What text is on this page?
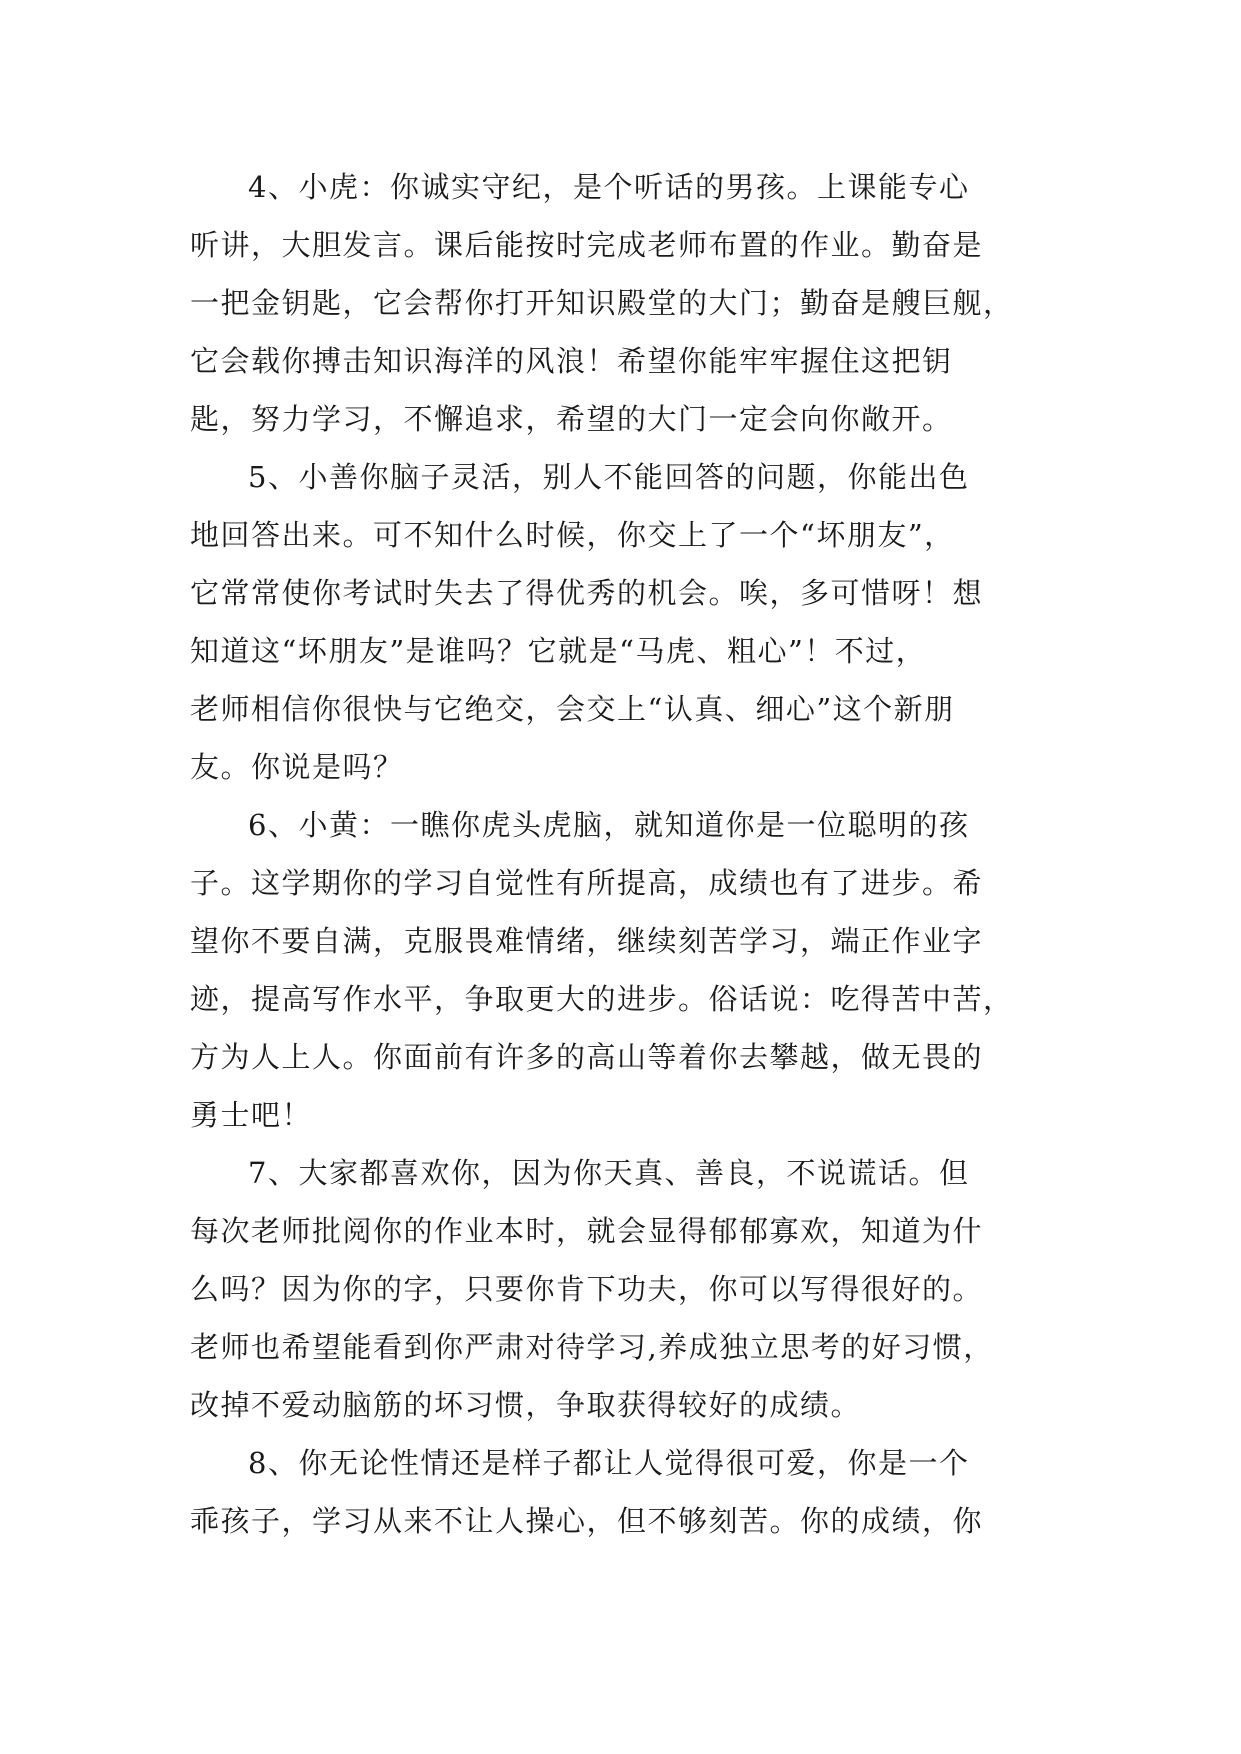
4、小虎：你诚实守纪，是个听话的男孩。上课能专心
听讲，大胆发言。课后能按时完成老师布置的作业。勤奋是
一把金钥匙，它会帮你打开知识殿堂的大门；勤奋是艘巨舰，
它会载你搏击知识海洋的风浪！希望你能牢牢握住这把钥
匙，努力学习，不懈追求，希望的大门一定会向你敞开。

5、小善你脑子灵活，别人不能回答的问题，你能出色
地回答出来。可不知什么时候，你交上了一个“坏朋友”，
它常常使你考试时失去了得优秀的机会。唉，多可惜呀！想
知道这“坏朋友”是谁吗？它就是“马虎、粗心”！不过，
老师相信你很快与它绝交，会交上“认真、细心”这个新朋
友。你说是吗？

6、小黄：一瞧你虎头虎脑，就知道你是一位聪明的孩
子。这学期你的学习自觉性有所提高，成绩也有了进步。希
望你不要自满，克服畏难情绪，继续刻苦学习，端正作业字
迹，提高写作水平，争取更大的进步。俗话说：吃得苦中苦，
方为人上人。你面前有许多的高山等着你去攀越，做无畏的
勇士吧！

7、大家都喜欢你，因为你天真、善良，不说谎话。但
每次老师批阅你的作业本时，就会显得郁郁寡欢，知道为什
么吗？因为你的字，只要你肯下功夫，你可以写得很好的。
老师也希望能看到你严肃对待学习,养成独立思考的好习惯，
改掉不爱动脑筋的坏习惯，争取获得较好的成绩。

8、你无论性情还是样子都让人觉得很可爱，你是一个
乖孩子，学习从来不让人操心，但不够刻苦。你的成绩，你
